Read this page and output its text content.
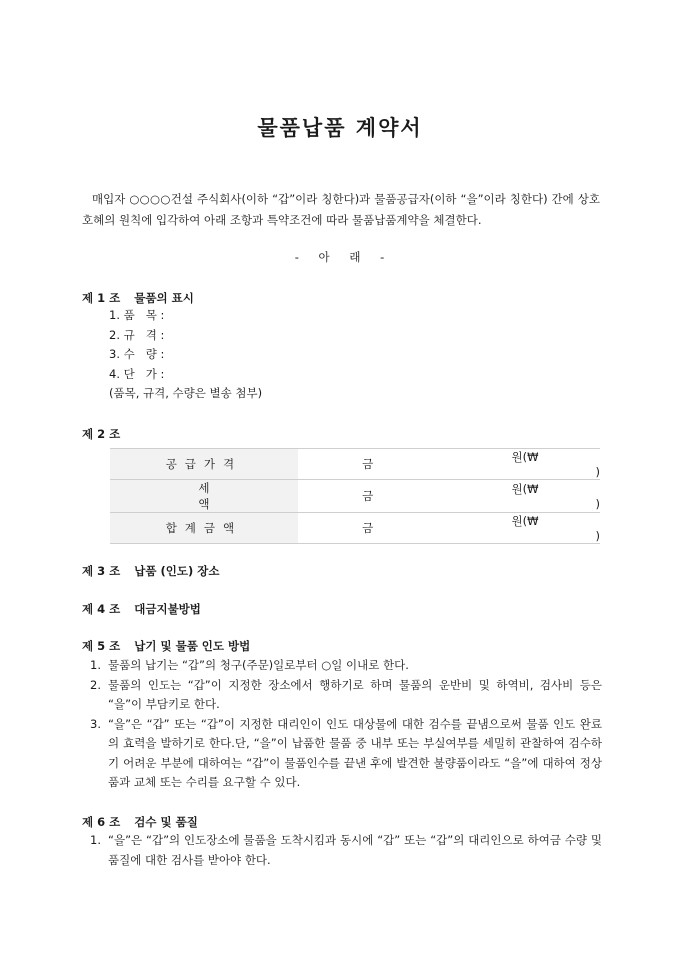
물품납품 계약서
매입자 ○○○○건설 주식회사(이하 “갑”이라 칭한다)과 물품공급자(이하 “을”이라 칭한다) 간에 상호 호혜의 원칙에 입각하여 아래 조항과 특약조건에 따라 물품납품계약을 체결한다.
- 아 래 -
제 1 조 물품의 표시
1. 품   목 :
2. 규   격 :
3. 수   량 :
4. 단   가 :
(품목, 규격, 수량은 별송 첨부)
제 2 조
공급가격	금	원(₩)
세액	금	원(₩)
합계금액	금	원(₩)
제 3 조 납품 (인도) 장소
제 4 조 대금지불방법
제 5 조 납기 및 물품 인도 방법
1. 물품의 납기는 “갑”의 청구(주문)일로부터 ○일 이내로 한다.
2. 물품의 인도는 “갑”이 지정한 장소에서 행하기로 하며 물품의 운반비 및 하역비, 검사비 등은 “을”이 부담키로 한다.
3. “을”은 “갑” 또는 “갑”이 지정한 대리인이 인도 대상물에 대한 검수를 끝냄으로써 물품 인도 완료의 효력을 발하기로 한다.단, “을”이 납품한 물품 중 내부 또는 부실여부를 세밀히 관찰하여 검수하기 어려운 부분에 대하여는 “갑”이 물품인수를 끝낸 후에 발견한 불량품이라도 “을”에 대하여 정상품과 교체 또는 수리를 요구할 수 있다.
제 6 조 검수 및 품질
1. “을”은 “갑”의 인도장소에 물품을 도착시킴과 동시에 “갑” 또는 “갑”의 대리인으로 하여금 수량 및 품질에 대한 검사를 받아야 한다.
